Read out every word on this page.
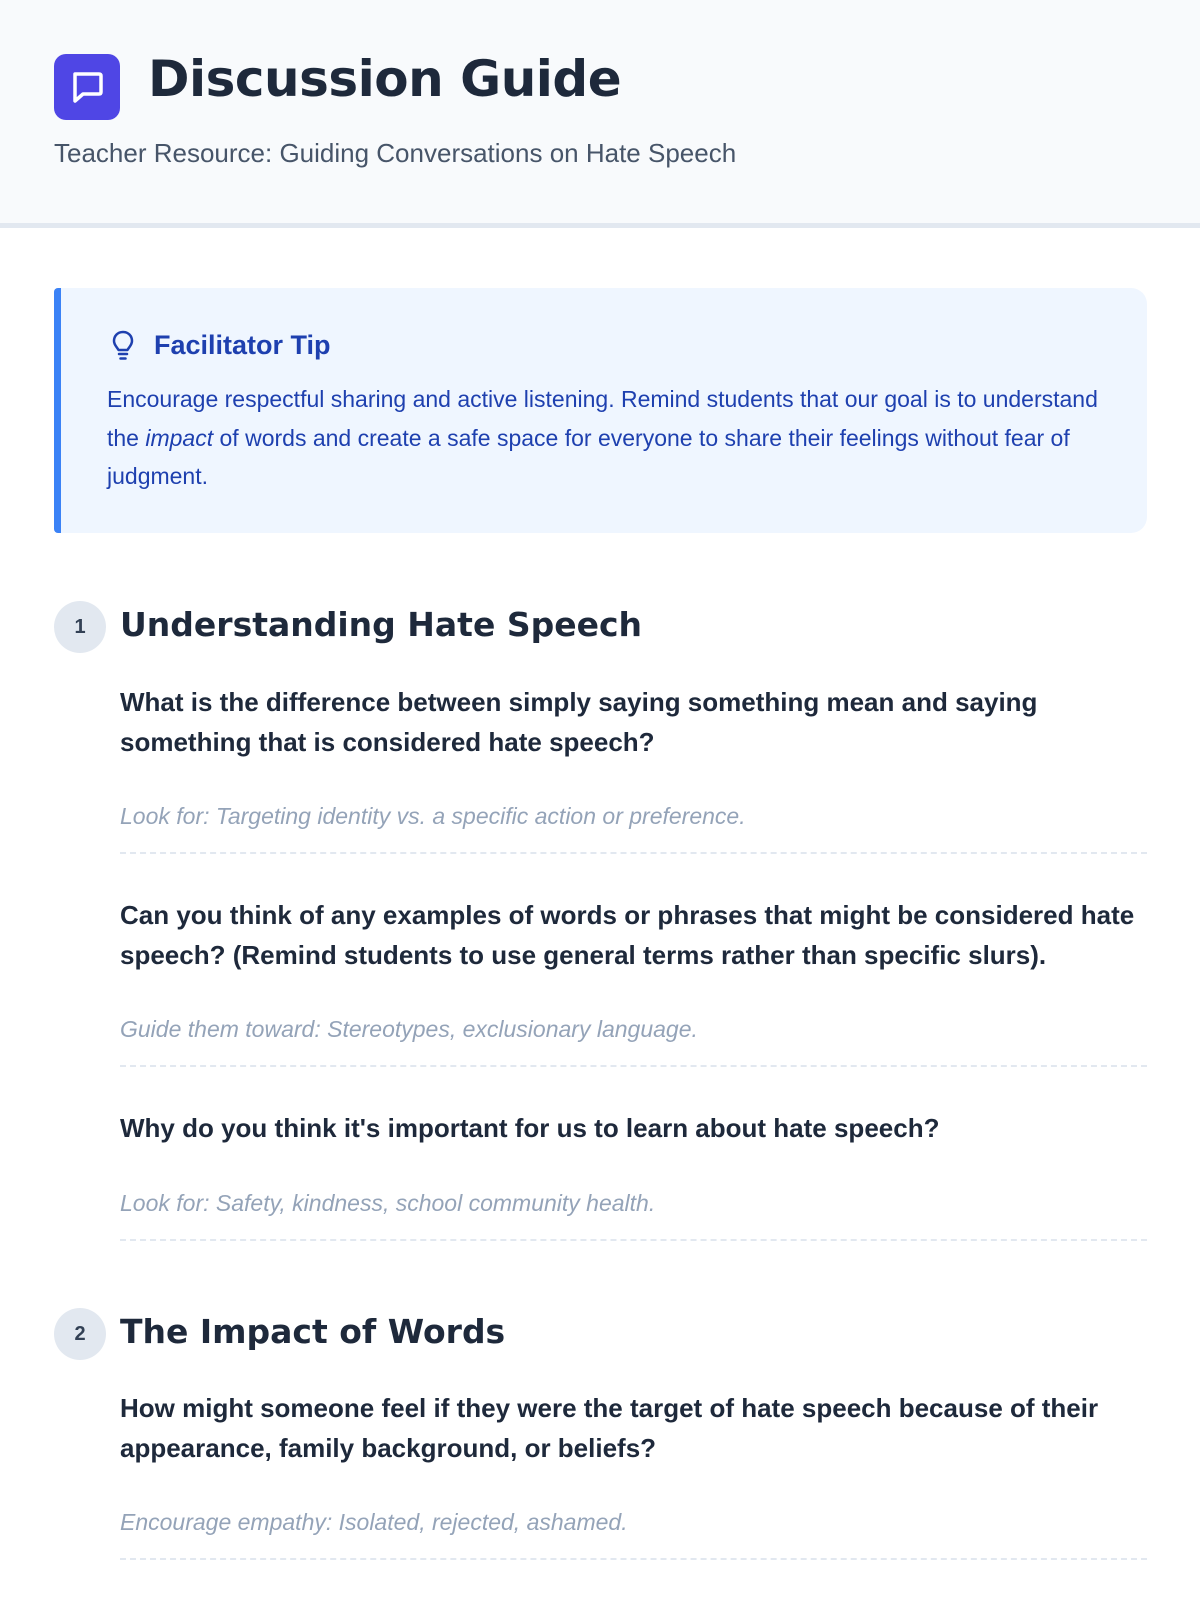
Discussion Guide
Teacher Resource: Guiding Conversations on Hate Speech
Facilitator Tip
Encourage respectful sharing and active listening. Remind students that our goal is to understand the impact of words and create a safe space for everyone to share their feelings without fear of judgment.
1	Understanding Hate Speech
What is the difference between simply saying something mean and saying something that is considered hate speech?
Look for: Targeting identity vs. a specific action or preference.
Can you think of any examples of words or phrases that might be considered hate speech? (Remind students to use general terms rather than specific slurs).
Guide them toward: Stereotypes, exclusionary language.
Why do you think it's important for us to learn about hate speech?
Look for: Safety, kindness, school community health.
2	The Impact of Words
How might someone feel if they were the target of hate speech because of their appearance, family background, or beliefs?
Encourage empathy: Isolated, rejected, ashamed.
